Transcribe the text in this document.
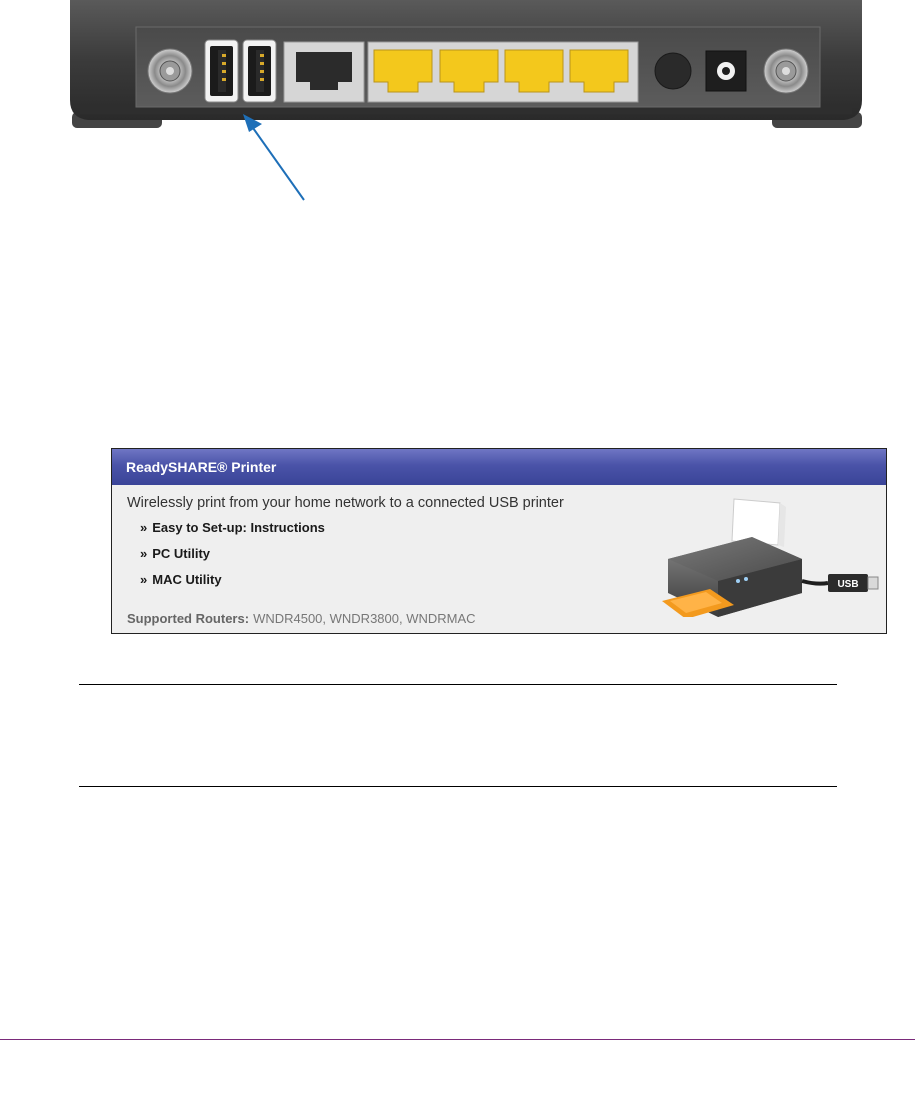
ReadySHARE® Printer
Wirelessly print from your home network to a connected USB printer
» Easy to Set-up: Instructions
» PC Utility
» MAC Utility
Supported Routers: WNDR4500, WNDR3800, WNDRMAC
USB
